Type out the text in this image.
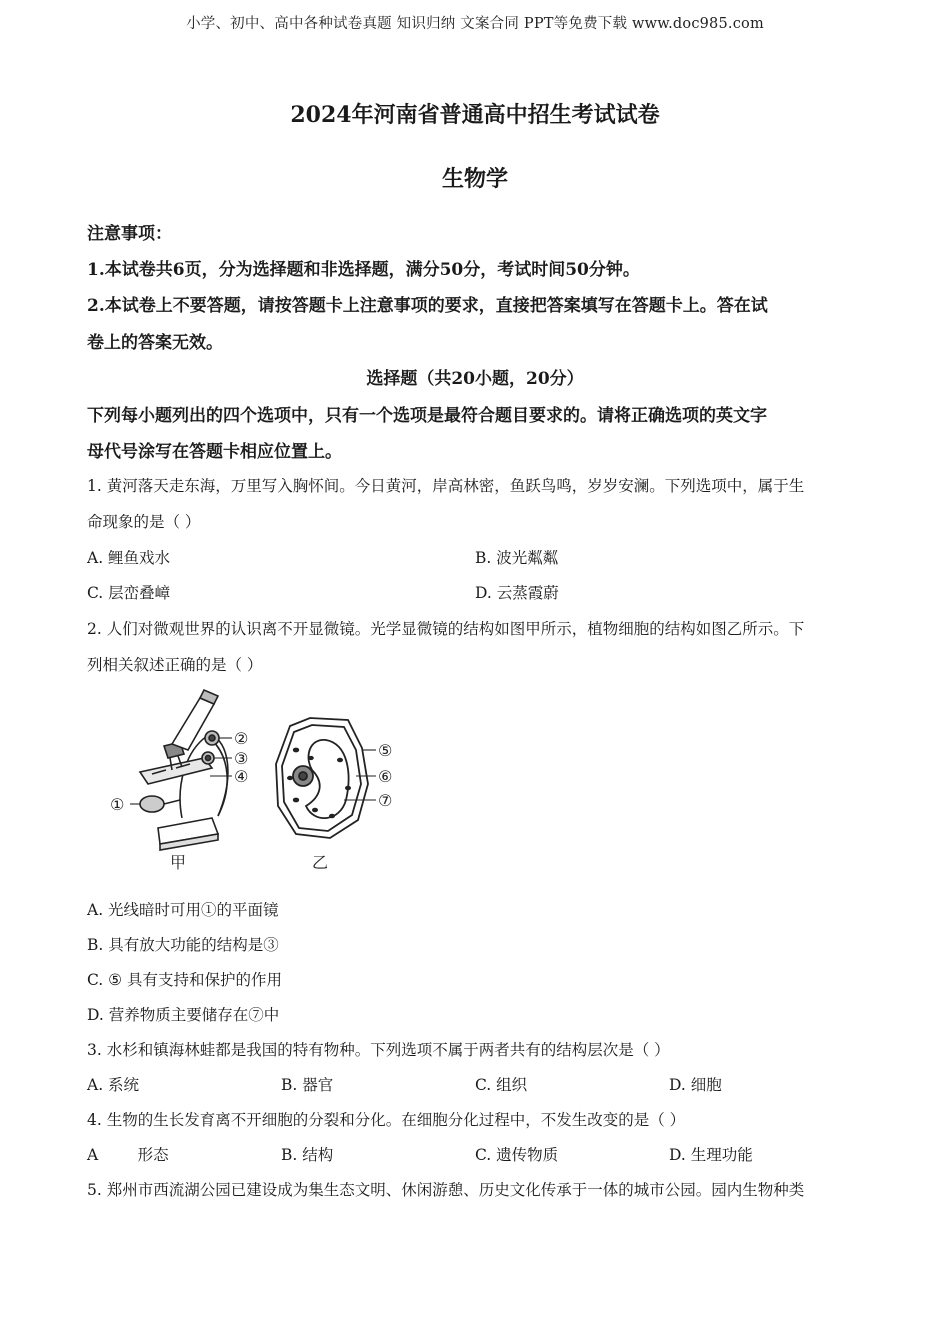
小学、初中、高中各种试卷真题 知识归纳 文案合同 PPT等免费下载 www.doc985.com
2024年河南省普通高中招生考试试卷
生物学
注意事项：
1.本试卷共6页，分为选择题和非选择题，满分50分，考试时间50分钟。
2.本试卷上不要答题，请按答题卡上注意事项的要求，直接把答案填写在答题卡上。答在试
卷上的答案无效。
选择题（共20小题，20分）
下列每小题列出的四个选项中，只有一个选项是最符合题目要求的。请将正确选项的英文字
母代号涂写在答题卡相应位置上。
1. 黄河落天走东海，万里写入胸怀间。今日黄河，岸高林密，鱼跃鸟鸣，岁岁安澜。下列选项中，属于生
命现象的是（ ）
A. 鲤鱼戏水	B. 波光粼粼
C. 层峦叠嶂	D. 云蒸霞蔚
2. 人们对微观世界的认识离不开显微镜。光学显微镜的结构如图甲所示，植物细胞的结构如图乙所示。下
列相关叙述正确的是（ ）
②
③
④
①
甲	乙
⑤
⑥
⑦
A. 光线暗时可用①的平面镜
B. 具有放大功能的结构是③
C. ⑤ 具有支持和保护的作用
D. 营养物质主要储存在⑦中
3. 水杉和镇海林蛙都是我国的特有物种。下列选项不属于两者共有的结构层次是（ ）
A. 系统	B. 器官	C. 组织	D. 细胞
4. 生物的生长发育离不开细胞的分裂和分化。在细胞分化过程中，不发生改变的是（ ）
A        形态	B. 结构	C. 遗传物质	D. 生理功能
5. 郑州市西流湖公园已建设成为集生态文明、休闲游憩、历史文化传承于一体的城市公园。园内生物种类
